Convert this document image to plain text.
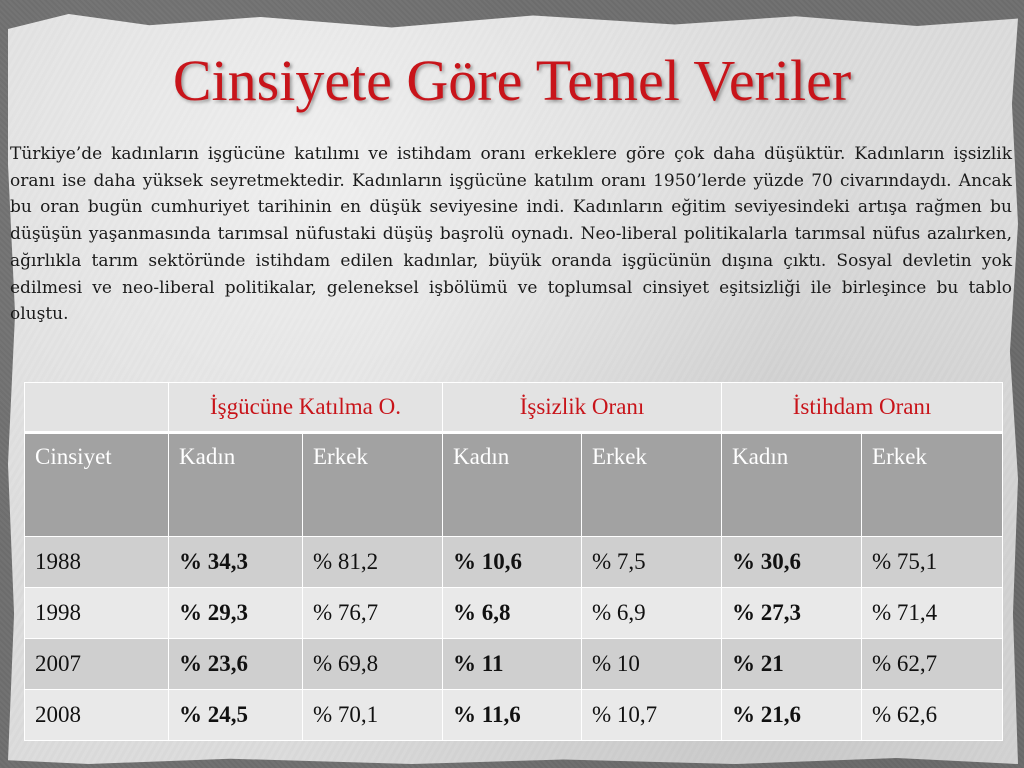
Cinsiyete Göre Temel Veriler
Türkiye’de kadınların işgücüne katılımı ve istihdam oranı erkeklere göre çok daha düşüktür. Kadınların işsizlik oranı ise daha yüksek seyretmektedir. Kadınların işgücüne katılım oranı 1950’lerde yüzde 70 civarındaydı. Ancak bu oran bugün cumhuriyet tarihinin en düşük seviyesine indi. Kadınların eğitim seviyesindeki artışa rağmen bu düşüşün yaşanmasında tarımsal nüfustaki düşüş başrolü oynadı. Neo-liberal politikalarla tarımsal nüfus azalırken, ağırlıkla tarım sektöründe istihdam edilen kadınlar, büyük oranda işgücünün dışına çıktı. Sosyal devletin yok edilmesi ve neo-liberal politikalar, geleneksel işbölümü ve toplumsal cinsiyet eşitsizliği ile birleşince bu tablo oluştu.
	İşgücüne Katılma O.		İşsizlik Oranı		İstihdam Oranı	
Cinsiyet	Kadın	Erkek	Kadın	Erkek	Kadın	Erkek
1988	% 34,3	% 81,2	% 10,6	% 7,5	% 30,6	% 75,1
1998	% 29,3	% 76,7	% 6,8	% 6,9	% 27,3	% 71,4
2007	% 23,6	% 69,8	% 11	% 10	% 21	% 62,7
2008	% 24,5	% 70,1	% 11,6	% 10,7	% 21,6	% 62,6
